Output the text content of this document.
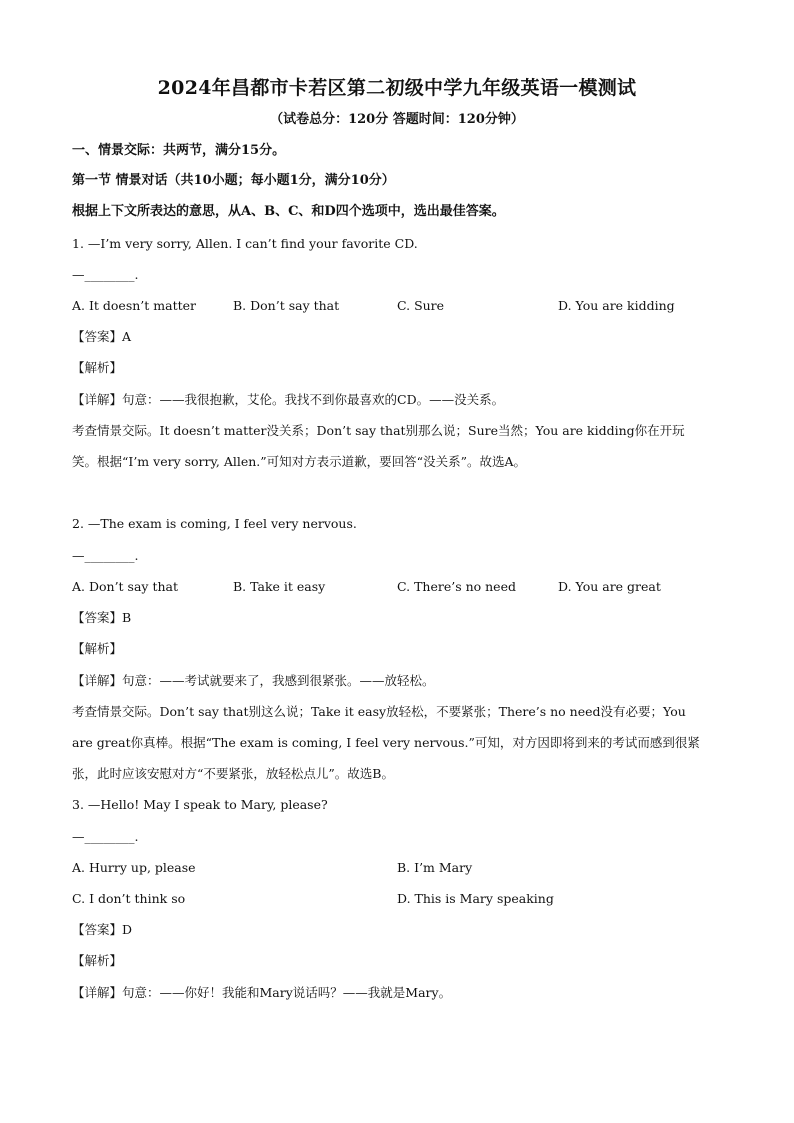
2024年昌都市卡若区第二初级中学九年级英语一模测试
（试卷总分：120分 答题时间：120分钟）
一、情景交际：共两节，满分15分。
第一节 情景对话（共10小题；每小题1分，满分10分）
根据上下文所表达的意思，从A、B、C、和D四个选项中，选出最佳答案。
1. —I’m very sorry, Allen. I can’t find your favorite CD.
—________.
A. It doesn’t matter	B. Don’t say that	C. Sure	D. You are kidding
【答案】A
【解析】
【详解】句意：——我很抱歉，艾伦。我找不到你最喜欢的CD。——没关系。
考查情景交际。It doesn’t matter没关系；Don’t say that别那么说；Sure当然；You are kidding你在开玩
笑。根据“I’m very sorry, Allen.”可知对方表示道歉，要回答“没关系”。故选A。
2. —The exam is coming, I feel very nervous.
—________.
A. Don’t say that	B. Take it easy	C. There’s no need	D. You are great
【答案】B
【解析】
【详解】句意：——考试就要来了，我感到很紧张。——放轻松。
考查情景交际。Don’t say that别这么说；Take it easy放轻松，不要紧张；There’s no need没有必要；You
are great你真棒。根据“The exam is coming, I feel very nervous.”可知，对方因即将到来的考试而感到很紧
张，此时应该安慰对方“不要紧张，放轻松点儿”。故选B。
3. —Hello! May I speak to Mary, please?
—________.
A. Hurry up, please	B. I’m Mary
C. I don’t think so	D. This is Mary speaking
【答案】D
【解析】
【详解】句意：——你好！我能和Mary说话吗？——我就是Mary。
